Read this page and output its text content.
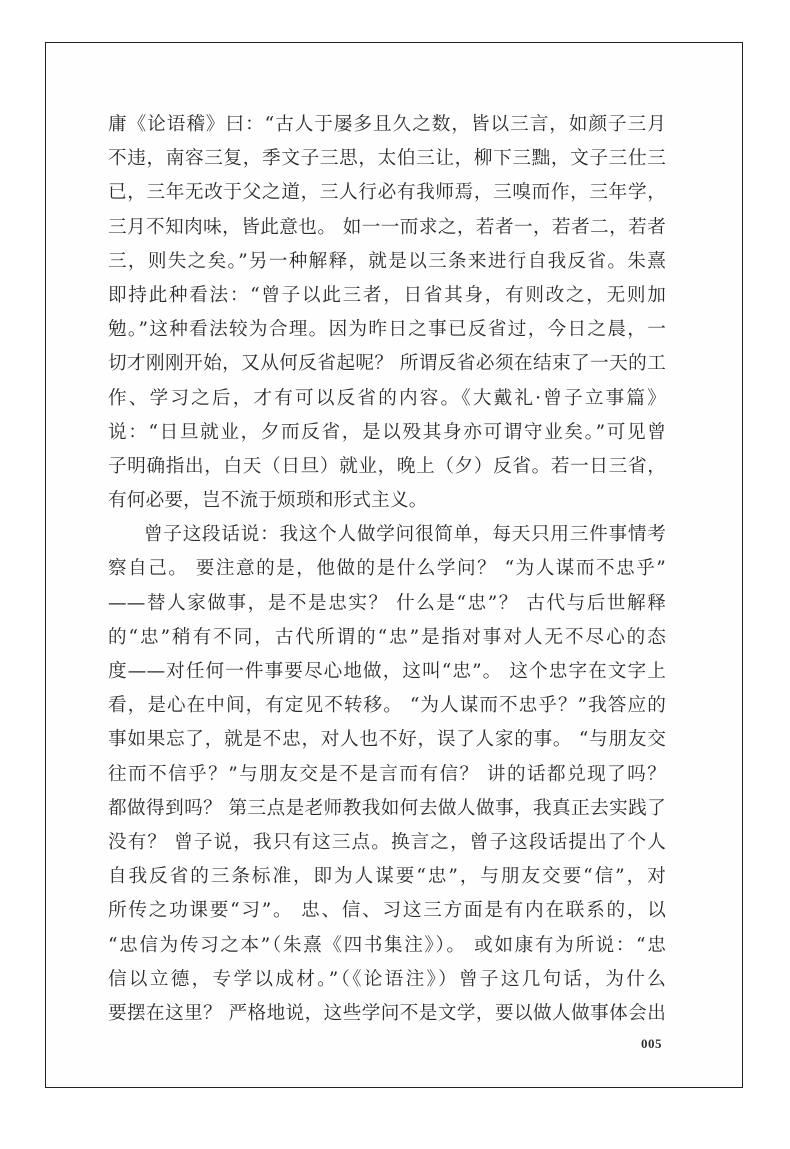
庸《论语稽》曰：“古人于屡多且久之数，皆以三言，如颜子三月
不违，南容三复，季文子三思，太伯三让，柳下三黜，文子三仕三
已，三年无改于父之道，三人行必有我师焉，三嗅而作，三年学，
三月不知肉味，皆此意也。 如一一而求之，若者一，若者二，若者
三，则失之矣。”另一种解释，就是以三条来进行自我反省。朱熹
即持此种看法：“曾子以此三者，日省其身，有则改之，无则加
勉。”这种看法较为合理。因为昨日之事已反省过，今日之晨，一
切才刚刚开始，又从何反省起呢？ 所谓反省必须在结束了一天的工
作、学习之后，才有可以反省的内容。《大戴礼·曾子立事篇》
说：“日旦就业，夕而反省，是以殁其身亦可谓守业矣。”可见曾
子明确指出，白天（日旦）就业，晚上（夕）反省。若一日三省，
有何必要，岂不流于烦琐和形式主义。
曾子这段话说：我这个人做学问很简单，每天只用三件事情考
察自己。 要注意的是，他做的是什么学问？ “为人谋而不忠乎”
——替人家做事，是不是忠实？ 什么是“忠”？ 古代与后世解释
的“忠”稍有不同，古代所谓的“忠”是指对事对人无不尽心的态
度——对任何一件事要尽心地做，这叫“忠”。 这个忠字在文字上
看，是心在中间，有定见不转移。 “为人谋而不忠乎？”我答应的
事如果忘了，就是不忠，对人也不好，误了人家的事。 “与朋友交
往而不信乎？”与朋友交是不是言而有信？ 讲的话都兑现了吗？
都做得到吗？ 第三点是老师教我如何去做人做事，我真正去实践了
没有？ 曾子说，我只有这三点。换言之，曾子这段话提出了个人
自我反省的三条标准，即为人谋要“忠”，与朋友交要“信”，对
所传之功课要“习”。 忠、信、习这三方面是有内在联系的，以
“忠信为传习之本”（朱熹《四书集注》）。 或如康有为所说：“忠
信以立德，专学以成材。”（《论语注》）曾子这几句话，为什么
要摆在这里？ 严格地说，这些学问不是文学，要以做人做事体会出
005
